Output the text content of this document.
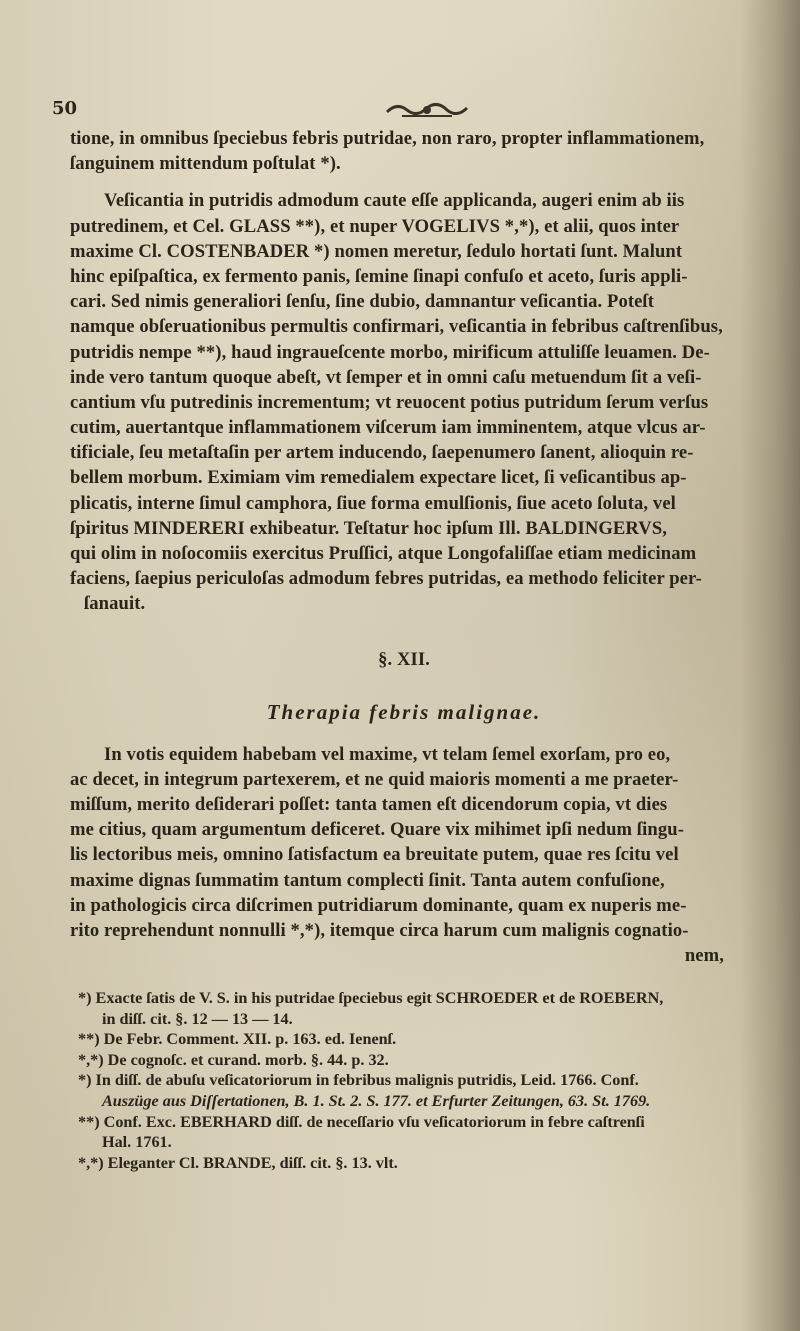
50
tione, in omnibus ſpeciebus febris putridae, non raro, propter inflammationem,
ſanguinem mittendum poſtulat *).
Veſicantia in putridis admodum caute eſſe applicanda, augeri enim ab iis
putredinem, et Cel. GLASS **), et nuper VOGELIVS *,*), et alii, quos inter
maxime Cl. COSTENBADER *) nomen meretur, ſedulo hortati ſunt. Malunt
hinc epiſpaſtica, ex fermento panis, ſemine ſinapi confuſo et aceto, ſuris appli-
cari. Sed nimis generaliori ſenſu, ſine dubio, damnantur veſicantia. Poteſt
namque obſeruationibus permultis confirmari, veſicantia in febribus caſtrenſibus,
putridis nempe **), haud ingraueſcente morbo, mirificum attuliſſe leuamen. De-
inde vero tantum quoque abeſt, vt ſemper et in omni caſu metuendum ſit a veſi-
cantium vſu putredinis incrementum; vt reuocent potius putridum ſerum verſus
cutim, auertantque inflammationem viſcerum iam imminentem, atque vlcus ar-
tificiale, ſeu metaſtaſin per artem inducendo, ſaepenumero ſanent, alioquin re-
bellem morbum. Eximiam vim remedialem expectare licet, ſi veſicantibus ap-
plicatis, interne ſimul camphora, ſiue forma emulſionis, ſiue aceto ſoluta, vel
ſpiritus MINDERERI exhibeatur. Teſtatur hoc ipſum Ill. BALDINGERVS,
qui olim in noſocomiis exercitus Pruſſici, atque Longofaliſſae etiam medicinam
faciens, ſaepius periculoſas admodum febres putridas, ea methodo feliciter per-
ſanauit.
§. XII.
Therapia febris malignae.
In votis equidem habebam vel maxime, vt telam ſemel exorſam, pro eo,
ac decet, in integrum partexerem, et ne quid maioris momenti a me praeter-
miſſum, merito deſiderari poſſet: tanta tamen eſt dicendorum copia, vt dies
me citius, quam argumentum deficeret. Quare vix mihimet ipſi nedum ſingu-
lis lectoribus meis, omnino ſatisfactum ea breuitate putem, quae res ſcitu vel
maxime dignas ſummatim tantum complecti ſinit. Tanta autem confuſione,
in pathologicis circa diſcrimen putridiarum dominante, quam ex nuperis me-
rito reprehendunt nonnulli *,*), itemque circa harum cum malignis cognatio-
nem,
*) Exacte ſatis de V. S. in his putridae ſpeciebus egit SCHROEDER et de ROEBERN,
in diſſ. cit. §. 12 — 13 — 14.
**) De Febr. Comment. XII. p. 163. ed. Ienenſ.
*,*) De cognoſc. et curand. morb. §. 44. p. 32.
*) In diſſ. de abuſu veſicatoriorum in febribus malignis putridis, Leid. 1766. Conf.
Auszüge aus Diſſertationen, B. 1. St. 2. S. 177. et Erfurter Zeitungen, 63. St. 1769.
**) Conf. Exc. EBERHARD diſſ. de neceſſario vſu veſicatoriorum in febre caſtrenſi
Hal. 1761.
*,*) Eleganter Cl. BRANDE, diſſ. cit. §. 13. vlt.
